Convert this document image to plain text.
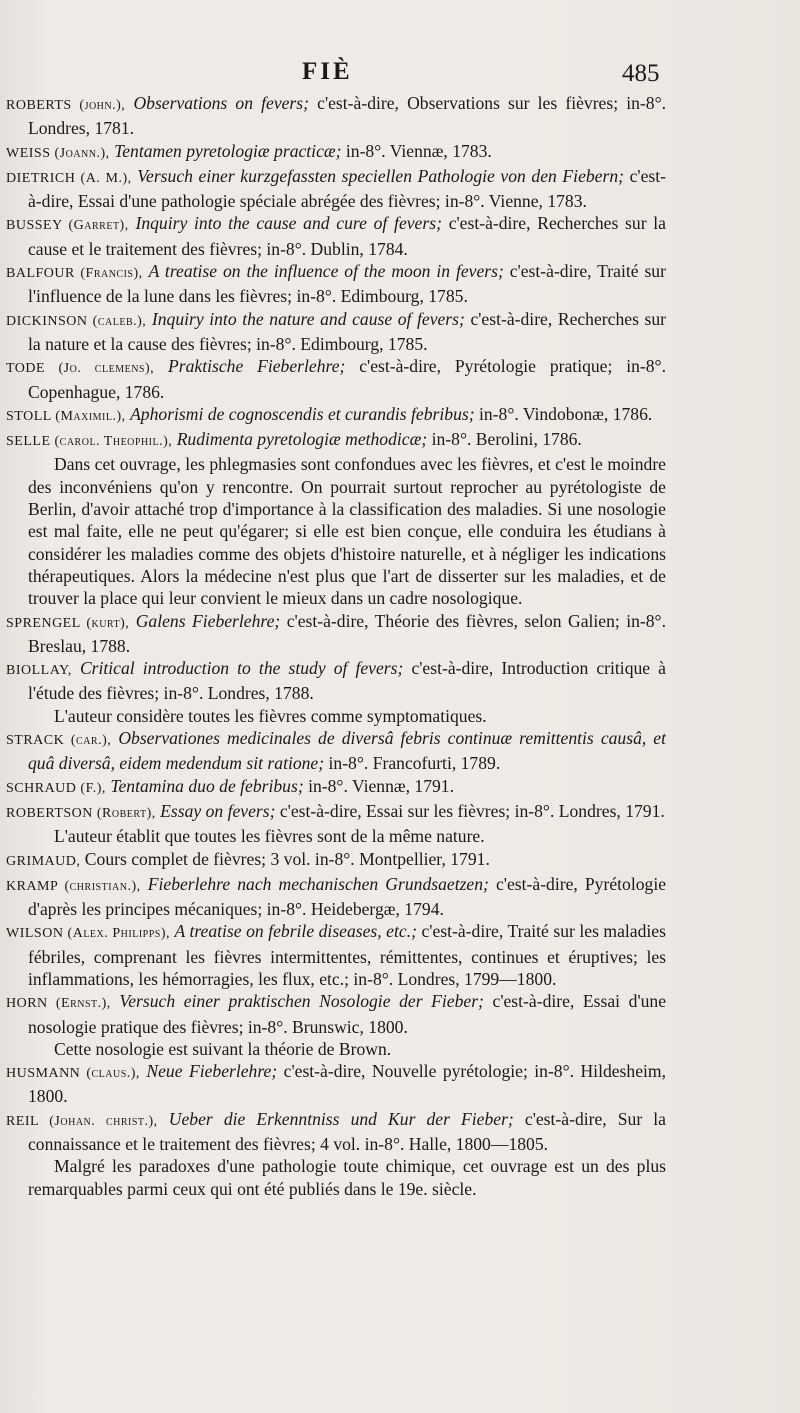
FIÈ	485

ROBERTS (john.), Observations on fevers; c'est-à-dire, Observations sur les fièvres; in-8°. Londres, 1781.

WEISS (Joann.), Tentamen pyretologiæ practicæ; in-8°. Viennæ, 1783.

DIETRICH (A. M.), Versuch einer kurzgefassten speciellen Pathologie von den Fiebern; c'est-à-dire, Essai d'une pathologie spéciale abrégée des fièvres; in-8°. Vienne, 1783.

BUSSEY (Garret), Inquiry into the cause and cure of fevers; c'est-à-dire, Recherches sur la cause et le traitement des fièvres; in-8°. Dublin, 1784.

BALFOUR (Francis), A treatise on the influence of the moon in fevers; c'est-à-dire, Traité sur l'influence de la lune dans les fièvres; in-8°. Edimbourg, 1785.

DICKINSON (caleb.), Inquiry into the nature and cause of fevers; c'est-à-dire, Recherches sur la nature et la cause des fièvres; in-8°. Edimbourg, 1785.

TODE (Jo. clemens), Praktische Fieberlehre; c'est-à-dire, Pyrétologie pratique; in-8°. Copenhague, 1786.

STOLL (Maximil.), Aphorismi de cognoscendis et curandis febribus; in-8°. Vindobonæ, 1786.

SELLE (carol. Theophil.), Rudimenta pyretologiæ methodicæ; in-8°. Berolini, 1786.

Dans cet ouvrage, les phlegmasies sont confondues avec les fièvres, et c'est le moindre des inconvéniens qu'on y rencontre. On pourrait surtout reprocher au pyrétologiste de Berlin, d'avoir attaché trop d'importance à la classification des maladies. Si une nosologie est mal faite, elle ne peut qu'égarer; si elle est bien conçue, elle conduira les étudians à considérer les maladies comme des objets d'histoire naturelle, et à négliger les indications thérapeutiques. Alors la médecine n'est plus que l'art de disserter sur les maladies, et de trouver la place qui leur convient le mieux dans un cadre nosologique.

SPRENGEL (kurt), Galens Fieberlehre; c'est-à-dire, Théorie des fièvres, selon Galien; in-8°. Breslau, 1788.

BIOLLAY, Critical introduction to the study of fevers; c'est-à-dire, Introduction critique à l'étude des fièvres; in-8°. Londres, 1788.

L'auteur considère toutes les fièvres comme symptomatiques.

STRACK (car.), Observationes medicinales de diversâ febris continuæ remittentis causâ, et quâ diversâ, eidem medendum sit ratione; in-8°. Francofurti, 1789.

SCHRAUD (F.), Tentamina duo de febribus; in-8°. Viennæ, 1791.

ROBERTSON (Robert), Essay on fevers; c'est-à-dire, Essai sur les fièvres; in-8°. Londres, 1791.

L'auteur établit que toutes les fièvres sont de la même nature.

GRIMAUD, Cours complet de fièvres; 3 vol. in-8°. Montpellier, 1791.

KRAMP (christian.), Fieberlehre nach mechanischen Grundsaetzen; c'est-à-dire, Pyrétologie d'après les principes mécaniques; in-8°. Heidebergæ, 1794.

WILSON (Alex. Philipps), A treatise on febrile diseases, etc.; c'est-à-dire, Traité sur les maladies fébriles, comprenant les fièvres intermittentes, rémittentes, continues et éruptives; les inflammations, les hémorragies, les flux, etc.; in-8°. Londres, 1799—1800.

HORN (Ernst.), Versuch einer praktischen Nosologie der Fieber; c'est-à-dire, Essai d'une nosologie pratique des fièvres; in-8°. Brunswic, 1800.

Cette nosologie est suivant la théorie de Brown.

HUSMANN (claus.), Neue Fieberlehre; c'est-à-dire, Nouvelle pyrétologie; in-8°. Hildesheim, 1800.

REIL (Johan. christ.), Ueber die Erkenntniss und Kur der Fieber; c'est-à-dire, Sur la connaissance et le traitement des fièvres; 4 vol. in-8°. Halle, 1800—1805.

Malgré les paradoxes d'une pathologie toute chimique, cet ouvrage est un des plus remarquables parmi ceux qui ont été publiés dans le 19e. siècle.
